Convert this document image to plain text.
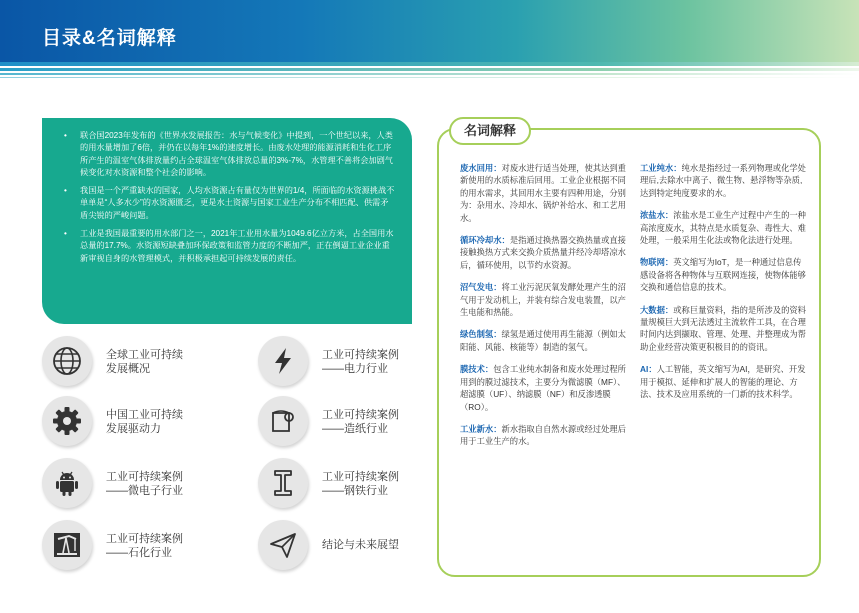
目录&名词解释
• 联合国2023年发布的《世界水发展报告：水与气候变化》中提到，一个世纪以来，人类的用水量增加了6倍，并仍在以每年1%的速度增长。由废水处理的能源消耗和生化工序所产生的温室气体排放量约占全球温室气体排放总量的3%-7%，水管理不善将会加剧气候变化对水资源和整个社会的影响。
• 我国是一个严重缺水的国家，人均水资源占有量仅为世界的1/4，所面临的水资源挑战不单单是“人多水少”的水资源匮乏，更是水土资源与国家工业生产分布不相匹配、供需矛盾尖锐的严峻问题。
• 工业是我国最重要的用水部门之一，2021年工业用水量为1049.6亿立方米，占全国用水总量的17.7%。水资源短缺叠加环保政策和监管力度的不断加严，正在倒逼工业企业重新审视自身的水管理模式，并积极承担起可持续发展的责任。
全球工业可持续
发展概况
工业可持续案例
——电力行业
中国工业可持续
发展驱动力
工业可持续案例
——造纸行业
工业可持续案例
——微电子行业
工业可持续案例
——钢铁行业
工业可持续案例
——石化行业
结论与未来展望
名词解释
废水回用：对废水进行适当处理，使其达到重新使用的水质标准后回用。工业企业根据不同的用水需求，其回用水主要有四种用途，分别为：杂用水、冷却水、锅炉补给水、和工艺用水。
循环冷却水：是指通过换热器交换热量或直接接触换热方式来交换介质热量并经冷却塔凉水后，循环使用，以节约水资源。
沼气发电：将工业污泥厌氧发酵处理产生的沼气用于发动机上，并装有综合发电装置，以产生电能和热能。
绿色制氢：绿氢是通过使用再生能源（例如太阳能、风能、核能等）制造的氢气。
膜技术：包含工业纯水制备和废水处理过程所用到的膜过滤技术，主要分为微滤膜（MF）、超滤膜（UF）、纳滤膜（NF）和反渗透膜（RO）。
工业新水：新水指取自自然水源或经过处理后用于工业生产的水。
工业纯水：纯水是指经过一系列物理或化学处理后,去除水中离子、微生物、悬浮物等杂质,达到特定纯度要求的水。
浓盐水：浓盐水是工业生产过程中产生的一种高浓度废水，其特点是水质复杂、毒性大、难处理，一般采用生化法或物化法进行处理。
物联网：英文缩写为IoT，是一种通过信息传感设备将各种物体与互联网连接，使物体能够交换和通信信息的技术。
大数据：或称巨量资料，指的是所涉及的资料量规模巨大到无法透过主流软件工具，在合理时间内达到撷取、管理、处理、并整理成为帮助企业经营决策更积极目的的资讯。
AI：人工智能，英文缩写为AI，是研究、开发用于模拟、延伸和扩展人的智能的理论、方法、技术及应用系统的一门新的技术科学。
